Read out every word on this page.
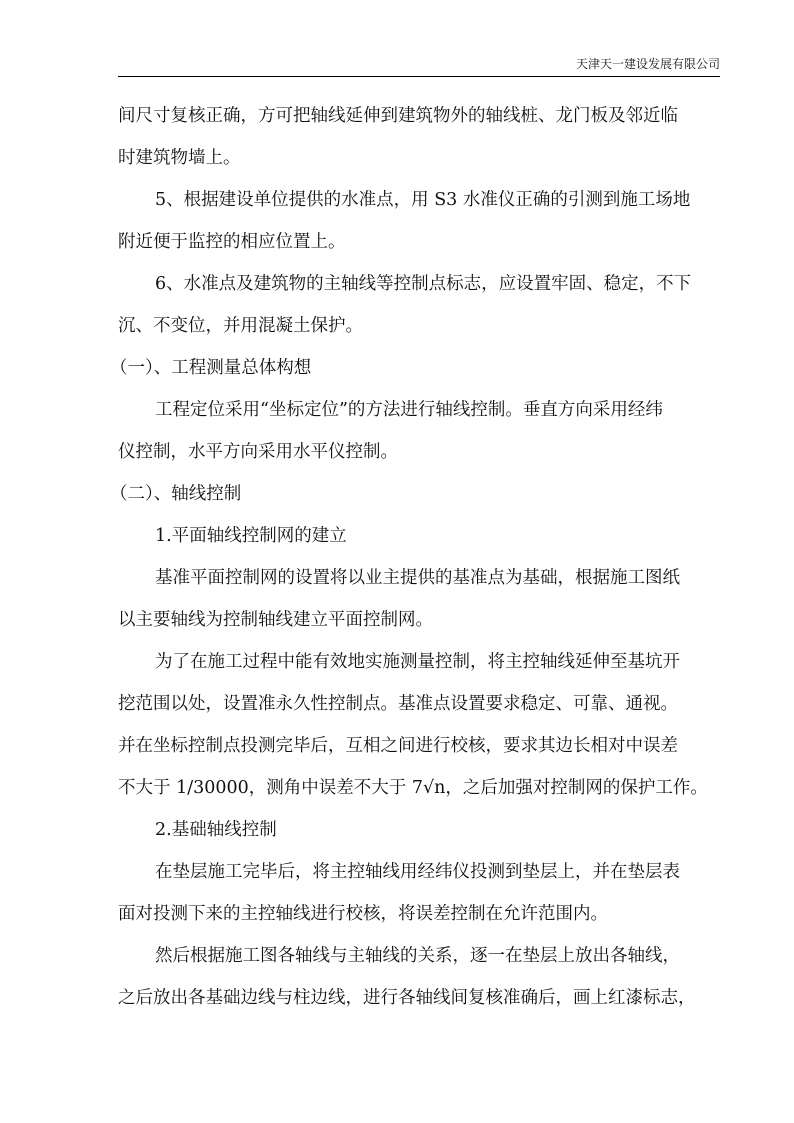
天津天一建设发展有限公司

间尺寸复核正确，方可把轴线延伸到建筑物外的轴线桩、龙门板及邻近临

时建筑物墙上。

5、根据建设单位提供的水准点，用 S3 水准仪正确的引测到施工场地

附近便于监控的相应位置上。

6、水准点及建筑物的主轴线等控制点标志，应设置牢固、稳定，不下

沉、不变位，并用混凝土保护。

（一）、工程测量总体构想

工程定位采用“坐标定位”的方法进行轴线控制。垂直方向采用经纬

仪控制，水平方向采用水平仪控制。

（二）、轴线控制

1.平面轴线控制网的建立

基准平面控制网的设置将以业主提供的基准点为基础，根据施工图纸

以主要轴线为控制轴线建立平面控制网。

为了在施工过程中能有效地实施测量控制，将主控轴线延伸至基坑开

挖范围以处，设置准永久性控制点。基准点设置要求稳定、可靠、通视。

并在坐标控制点投测完毕后，互相之间进行校核，要求其边长相对中误差

不大于 1/30000，测角中误差不大于 7√n，之后加强对控制网的保护工作。

2.基础轴线控制

在垫层施工完毕后，将主控轴线用经纬仪投测到垫层上，并在垫层表

面对投测下来的主控轴线进行校核，将误差控制在允许范围内。

然后根据施工图各轴线与主轴线的关系，逐一在垫层上放出各轴线，

之后放出各基础边线与柱边线，进行各轴线间复核准确后，画上红漆标志，
